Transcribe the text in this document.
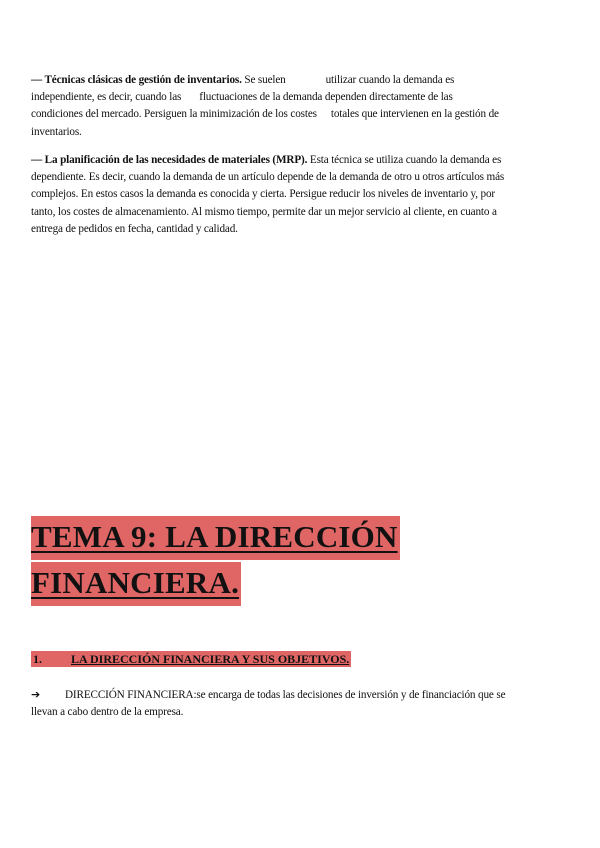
— Técnicas clásicas de gestión de inventarios. Se suelen	utilizar cuando la demanda es
independiente, es decir, cuando las fluctuaciones de la demanda dependen directamente de las
condiciones del mercado. Persiguen la minimización de los costes totales que intervienen en la gestión de
inventarios.
— La planificación de las necesidades de materiales (MRP). Esta técnica se utiliza cuando la demanda es
dependiente. Es decir, cuando la demanda de un artículo depende de la demanda de otro u otros artículos más
complejos. En estos casos la demanda es conocida y cierta. Persigue reducir los niveles de inventario y, por
tanto, los costes de almacenamiento. Al mismo tiempo, permite dar un mejor servicio al cliente, en cuanto a
entrega de pedidos en fecha, cantidad y calidad.
TEMA 9: LA DIRECCIÓN
FINANCIERA.
1. LA DIRECCIÓN FINANCIERA Y SUS OBJETIVOS.
➔ DIRECCIÓN FINANCIERA:se encarga de todas las decisiones de inversión y de financiación que se
llevan a cabo dentro de la empresa.
